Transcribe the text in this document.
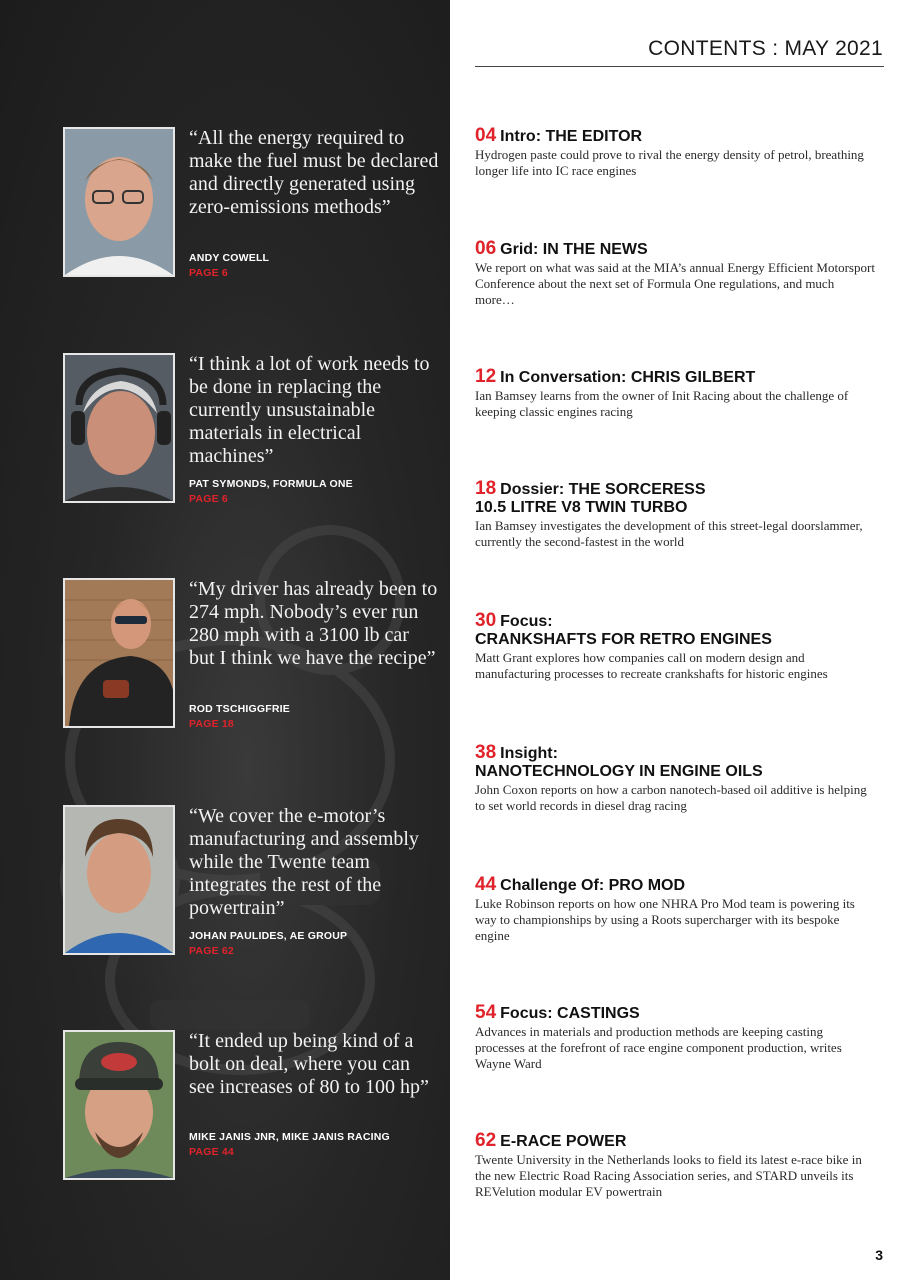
“All the energy required to make the fuel must be declared and directly generated using zero-emissions methods”
ANDY COWELL
PAGE 6
“I think a lot of work needs to be done in replacing the currently unsustainable materials in electrical machines”
PAT SYMONDS, FORMULA ONE
PAGE 6
“My driver has already been to 274 mph. Nobody’s ever run 280 mph with a 3100 lb car but I think we have the recipe”
ROD TSCHIGGFRIE
PAGE 18
“We cover the e-motor’s manufacturing and assembly while the Twente team integrates the rest of the powertrain”
JOHAN PAULIDES, AE GROUP
PAGE 62
“It ended up being kind of a bolt on deal, where you can see increases of 80 to 100 hp”
MIKE JANIS JNR, MIKE JANIS RACING
PAGE 44
CONTENTS : MAY 2021
04 Intro: THE EDITOR
Hydrogen paste could prove to rival the energy density of petrol, breathing longer life into IC race engines
06 Grid: IN THE NEWS
We report on what was said at the MIA’s annual Energy Efficient Motorsport Conference about the next set of Formula One regulations, and much more…
12 In Conversation: CHRIS GILBERT
Ian Bamsey learns from the owner of Init Racing about the challenge of keeping classic engines racing
18 Dossier: THE SORCERESS
10.5 LITRE V8 TWIN TURBO
Ian Bamsey investigates the development of this street-legal doorslammer, currently the second-fastest in the world
30 Focus:
CRANKSHAFTS FOR RETRO ENGINES
Matt Grant explores how companies call on modern design and manufacturing processes to recreate crankshafts for historic engines
38 Insight:
NANOTECHNOLOGY IN ENGINE OILS
John Coxon reports on how a carbon nanotech-based oil additive is helping to set world records in diesel drag racing
44 Challenge Of: PRO MOD
Luke Robinson reports on how one NHRA Pro Mod team is powering its way to championships by using a Roots supercharger with its bespoke engine
54 Focus: CASTINGS
Advances in materials and production methods are keeping casting processes at the forefront of race engine component production, writes Wayne Ward
62 E-RACE POWER
Twente University in the Netherlands looks to field its latest e-race bike in the new Electric Road Racing Association series, and STARD unveils its REVelution modular EV powertrain
3
